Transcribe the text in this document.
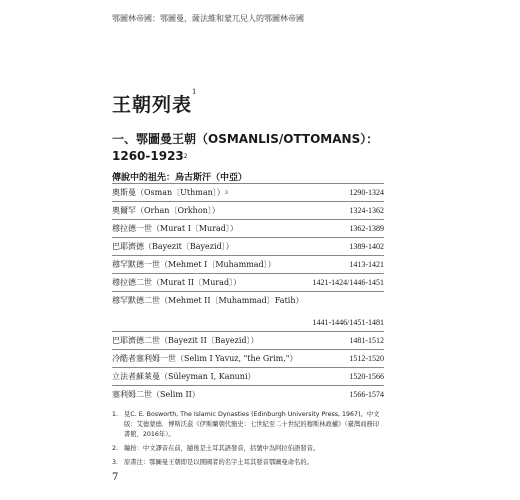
鄂圖林帝國：鄂圖曼，薩法維和蒙兀兒人的鄂圖林帝國
王朝列表$^1$
一、鄂圖曼王朝（OSMANLIS/OTTOMANS）：1260-1923$^2$
傳說中的祖先：烏古斯汗（中亞）
奧斯曼（Osman〔Uthman〕）$^3$	1290-1324
奧爾罕（Orhan〔Orkhon〕）	1324-1362
穆拉德一世（Murat I〔Murad〕）	1362-1389
巴耶濟德（Bayezit〔Bayezid〕）	1389-1402
穆罕默德一世（Mehmet I〔Muhammad〕）	1413-1421
穆拉德二世（Murat II〔Murad〕）	1421-1424/1446-1451
穆罕默德二世（Mehmet II〔Muhammad〕Fatih）
1441-1446/1451-1481
巴耶濟德二世（Bayezit II〔Bayezid〕）	1481-1512
冷酷者塞利姆一世（Selim I Yavuz, "the Grim,"）	1512-1520
立法者蘇萊曼（Süleyman I, Kanuni）	1520-1566
塞利姆二世（Selim II）	1566-1574
1. 見C. E. Bosworth, The Islamic Dynasties (Edinburgh University Press, 1967)。中文版：艾德蒙德．博斯沃茲《伊斯蘭朝代簡史：七世紀至二十世紀的穆斯林政權》（臺灣商務印書館，2016年）。
2. 編按：中文譯音在前，隨後是土耳其語發音，括號中為阿拉伯語發音。
3. 原書注：鄂圖曼王朝即是以開國者的名字土耳其發音鄂圖曼命名的。
7
